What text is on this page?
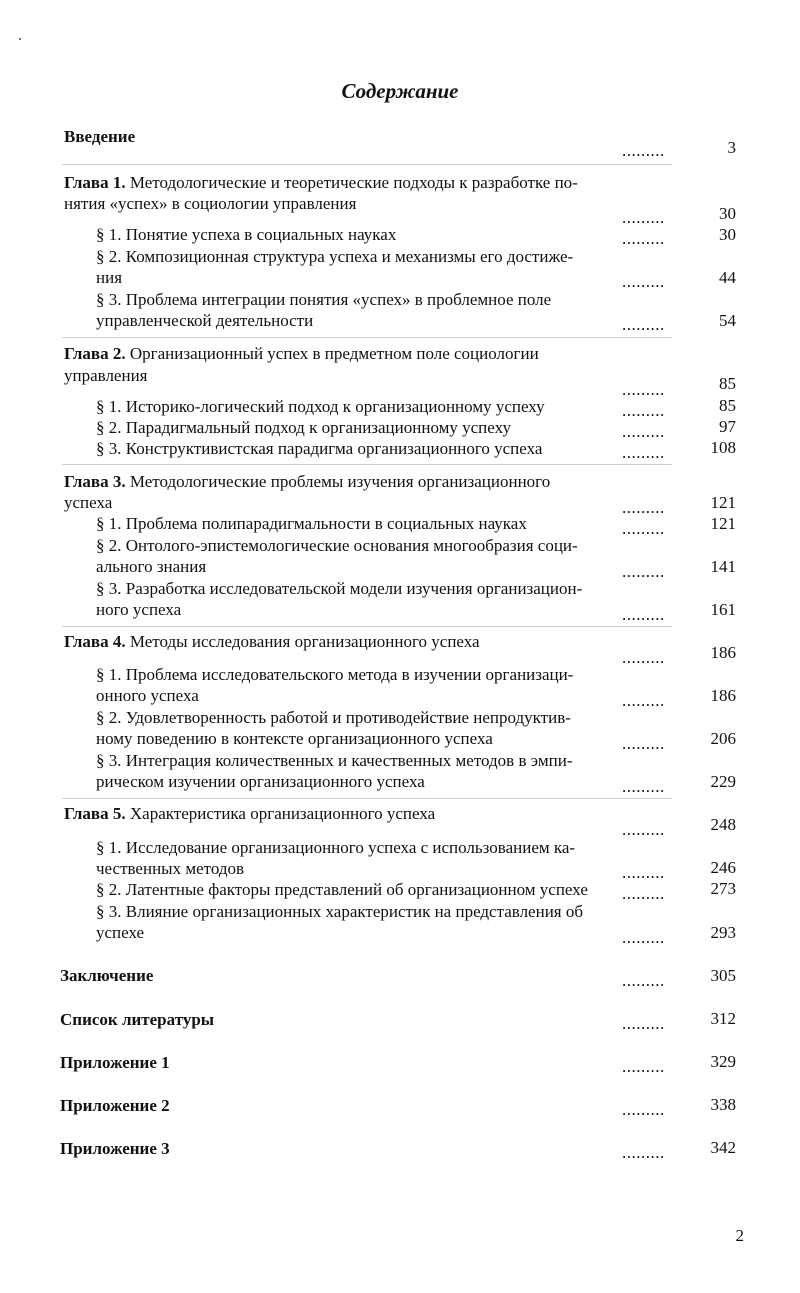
Содержание
Введение
.........	3
Глава 1. Методологические и теоретические подходы к разработке по-
нятия «успех» в социологии управления
.........	30
§ 1. Понятие успеха в социальных науках	.........	30
§ 2. Композиционная структура успеха и механизмы его достиже-
ния	.........	44
§ 3. Проблема интеграции понятия «успех» в проблемное поле
управленческой деятельности	.........	54
Глава 2. Организационный успех в предметном поле социологии
управления
.........	85
§ 1. Историко-логический подход к организационному успеху	.........	85
§ 2. Парадигмальный подход к организационному успеху	.........	97
§ 3. Конструктивистская парадигма организационного успеха	.........	108
Глава 3. Методологические проблемы изучения организационного
успеха	.........	121
§ 1. Проблема полипарадигмальности в социальных науках	.........	121
§ 2. Онтолого-эпистемологические основания многообразия соци-
ального знания	.........	141
§ 3. Разработка исследовательской модели изучения организацион-
ного успеха	.........	161
Глава 4. Методы исследования организационного успеха
.........	186
§ 1. Проблема исследовательского метода в изучении организаци-
онного успеха	.........	186
§ 2. Удовлетворенность работой и противодействие непродуктив-
ному поведению в контексте организационного успеха	.........	206
§ 3. Интеграция количественных и качественных методов в эмпи-
рическом изучении организационного успеха	.........	229
Глава 5. Характеристика организационного успеха
.........	248
§ 1. Исследование организационного успеха с использованием ка-
чественных методов	.........	246
§ 2. Латентные факторы представлений об организационном успехе .........	273
§ 3. Влияние организационных характеристик на представления об
успехе	.........	293
Заключение	.........	305
Список литературы	.........	312
Приложение 1	.........	329
Приложение 2	.........	338
Приложение 3	.........	342
2
